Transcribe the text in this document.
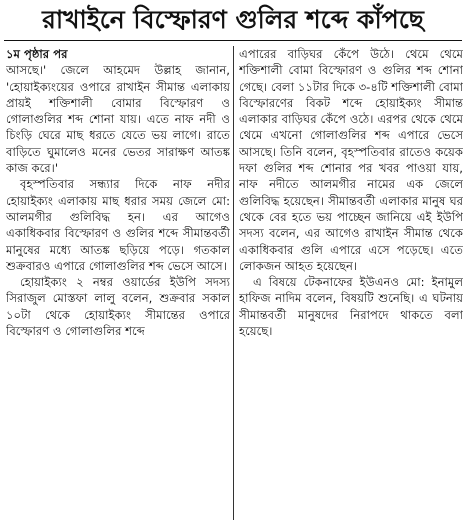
রাখাইনে বিস্ফোরণ গুলির শব্দে কাঁপছে

১ম পৃষ্ঠার পর
আসছে।' জেলে আহমেদ উল্লাহ জানান, 'হোয়াইক্যংয়ের ওপারে রাখাইন সীমান্ত এলাকায় প্রায়ই শক্তিশালী বোমার বিস্ফোরণ ও গোলাগুলির শব্দ শোনা যায়। এতে নাফ নদী ও চিংড়ি ঘেরে মাছ ধরতে যেতে ভয় লাগে। রাতে বাড়িতে ঘুমালেও মনের ভেতর সারাক্ষণ আতঙ্ক কাজ করে।'

বৃহস্পতিবার সন্ধ্যার দিকে নাফ নদীর হোয়াইক্যং এলাকায় মাছ ধরার সময় জেলে মো: আলমগীর গুলিবিদ্ধ হন। এর আগেও একাধিকবার বিস্ফোরণ ও গুলির শব্দে সীমান্তবর্তী মানুষের মধ্যে আতঙ্ক ছড়িয়ে পড়ে। গতকাল শুক্রবারও এপারে গোলাগুলির শব্দ ভেসে আসে।

হোয়াইক্যং ২ নম্বর ওয়ার্ডের ইউপি সদস্য সিরাজুল মোস্তফা লালু বলেন, শুক্রবার সকাল ১০টা থেকে হোয়াইক্যং সীমান্তের ওপারে বিস্ফোরণ ও গোলাগুলির শব্দে

এপারের বাড়িঘর কেঁপে উঠে। থেমে থেমে শক্তিশালী বোমা বিস্ফোরণ ও গুলির শব্দ শোনা গেছে। বেলা ১১টার দিকে ৩-৪টি শক্তিশালী বোমা বিস্ফোরণের বিকট শব্দে হোয়াইক্যং সীমান্ত এলাকার বাড়িঘর কেঁপে ওঠে। এরপর থেকে থেমে থেমে এখনো গোলাগুলির শব্দ এপারে ভেসে আসছে। তিনি বলেন, বৃহস্পতিবার রাতেও কয়েক দফা গুলির শব্দ শোনার পর খবর পাওয়া যায়, নাফ নদীতে আলমগীর নামের এক জেলে গুলিবিদ্ধ হয়েছেন। সীমান্তবর্তী এলাকার মানুষ ঘর থেকে বের হতে ভয় পাচ্ছেন জানিয়ে এই ইউপি সদস্য বলেন, এর আগেও রাখাইন সীমান্ত থেকে একাধিকবার গুলি এপারে এসে পড়েছে। এতে লোকজন আহত হয়েছেন।

এ বিষয়ে টেকনাফের ইউএনও মো: ইনামুল হাফিজ নাদিম বলেন, বিষয়টি শুনেছি। এ ঘটনায় সীমান্তবর্তী মানুষদের নিরাপদে থাকতে বলা হয়েছে।
